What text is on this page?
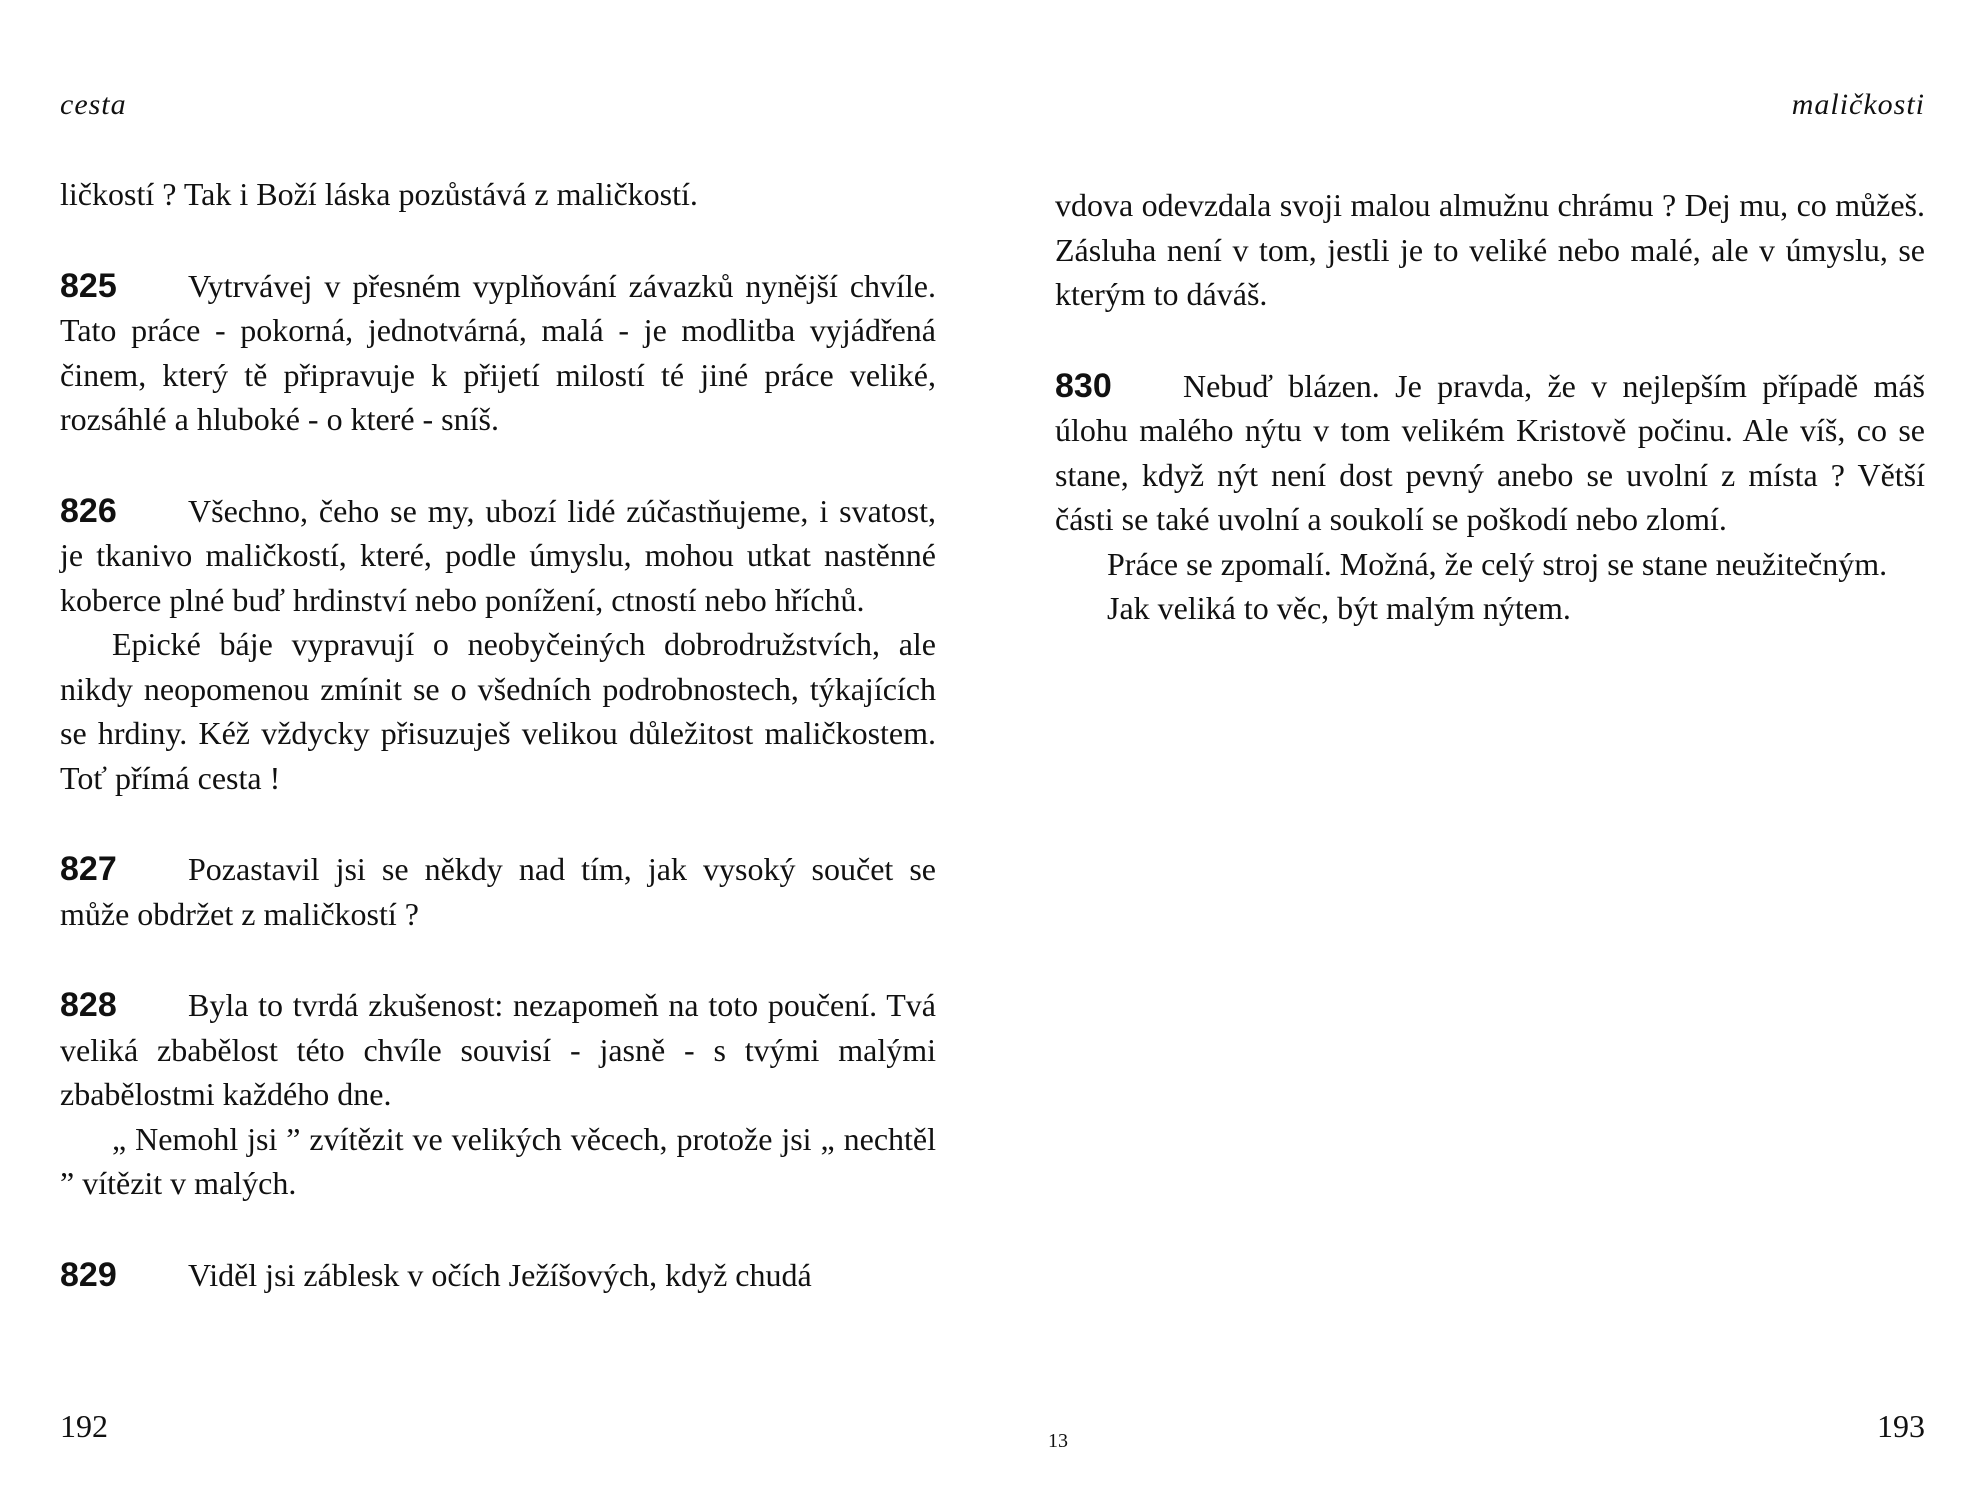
cesta

ličkostí ? Tak i Boží láska pozůstává z maličkostí.

825 Vytrvávej v přesném vyplňování závazků nynější chvíle. Tato práce - pokorná, jednotvárná, malá - je modlitba vyjádřená činem, který tě připravuje k přijetí milostí té jiné práce veliké, rozsáhlé a hluboké - o které - sníš.

826 Všechno, čeho se my, ubozí lidé zúčastňujeme, i svatost, je tkanivo maličkostí, které, podle úmyslu, mohou utkat nastěnné koberce plné buď hrdinství nebo ponížení, ctností nebo hříchů.

Epické báje vypravují o neobyčeiných dobrodružstvích, ale nikdy neopomenou zmínit se o všedních podrobnostech, týkajících se hrdiny. Kéž vždycky přisuzuješ velikou důležitost maličkostem. Toť přímá cesta !

827 Pozastavil jsi se někdy nad tím, jak vysoký součet se může obdržet z maličkostí ?

828 Byla to tvrdá zkušenost: nezapomeň na toto poučení. Tvá veliká zbabělost této chvíle souvisí - jasně - s tvými malými zbabělostmi každého dne.

„ Nemohl jsi ” zvítězit ve velikých věcech, protože jsi „ nechtěl ” vítězit v malých.

829 Viděl jsi záblesk v očích Ježíšových, když chudá

192	13
maličkosti

vdova odevzdala svoji malou almužnu chrámu ? Dej mu, co můžeš. Zásluha není v tom, jestli je to veliké nebo malé, ale v úmyslu, se kterým to dáváš.

830 Nebuď blázen. Je pravda, že v nejlepším případě máš úlohu malého nýtu v tom velikém Kristově počinu. Ale víš, co se stane, když nýt není dost pevný anebo se uvolní z místa ? Větší části se také uvolní a soukolí se poškodí nebo zlomí.

Práce se zpomalí. Možná, že celý stroj se stane neužitečným.

Jak veliká to věc, být malým nýtem.

193
